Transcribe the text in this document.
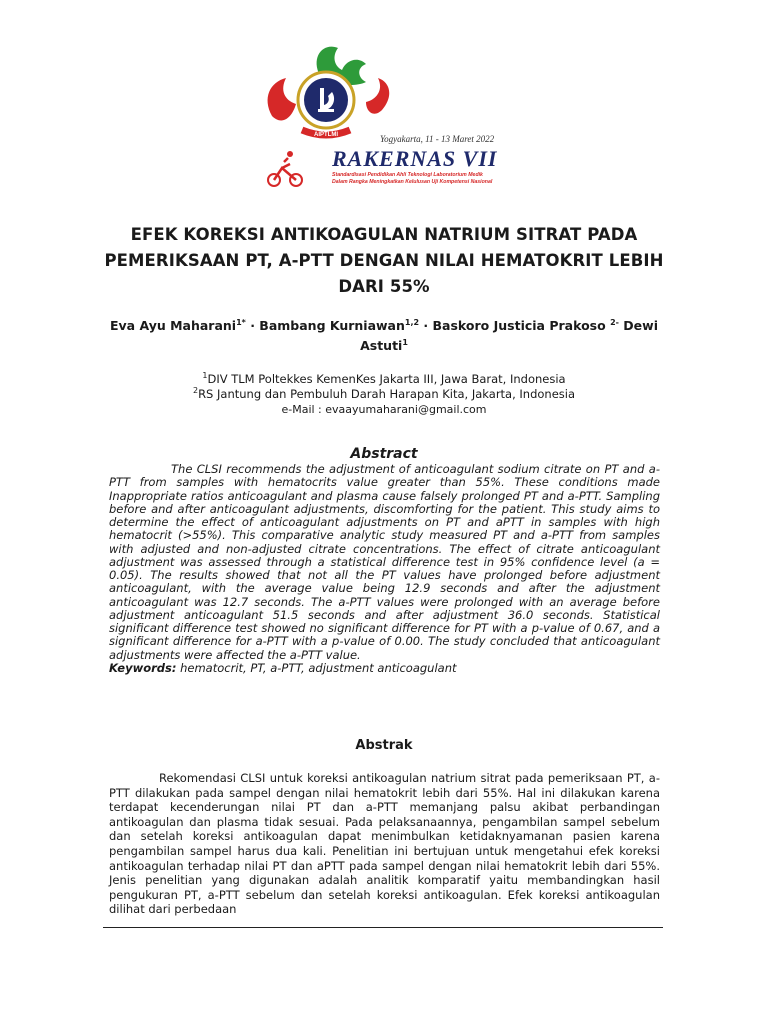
AIPTLMI	Yogyakarta, 11 - 13 Maret 2022
RAKERNAS VII
Standardisasi Pendidikan Ahli Teknologi Laboratorium Medik
Dalam Rangka Meningkatkan Kelulusan Uji Kompetensi Nasional
EFEK KOREKSI ANTIKOAGULAN NATRIUM SITRAT PADA PEMERIKSAAN PT, A-PTT DENGAN NILAI HEMATOKRIT LEBIH DARI 55%
Eva Ayu Maharani$^{1*}$ · Bambang Kurniawan$^{1,2}$ · Baskoro Justicia Prakoso $^{2-}$ Dewi Astuti$^1$
$^1$DIV TLM Poltekkes KemenKes Jakarta III, Jawa Barat, Indonesia
$^2$RS Jantung dan Pembuluh Darah Harapan Kita, Jakarta, Indonesia
e-Mail : evaayumaharani@gmail.com
Abstract

The CLSI recommends the adjustment of anticoagulant sodium citrate on PT and a-PTT from samples with hematocrits value greater than 55%. These conditions made Inappropriate ratios anticoagulant and plasma cause falsely prolonged PT and a-PTT. Sampling before and after anticoagulant adjustments, discomforting for the patient. This study aims to determine the effect of anticoagulant adjustments on PT and aPTT in samples with high hematocrit (>55%). This comparative analytic study measured PT and a-PTT from samples with adjusted and non-adjusted citrate concentrations. The effect of citrate anticoagulant adjustment was assessed through a statistical difference test in 95% confidence level (a = 0.05). The results showed that not all the PT values have prolonged before adjustment anticoagulant, with the average value being 12.9 seconds and after the adjustment anticoagulant was 12.7 seconds. The a-PTT values were prolonged with an average before adjustment anticoagulant 51.5 seconds and after adjustment 36.0 seconds. Statistical significant difference test showed no significant difference for PT with a p-value of 0.67, and a significant difference for a-PTT with a p-value of 0.00. The study concluded that anticoagulant adjustments were affected the a-PTT value.

Keywords: hematocrit, PT, a-PTT, adjustment anticoagulant
Abstrak

Rekomendasi CLSI untuk koreksi antikoagulan natrium sitrat pada pemeriksaan PT, a-PTT dilakukan pada sampel dengan nilai hematokrit lebih dari 55%. Hal ini dilakukan karena terdapat kecenderungan nilai PT dan a-PTT memanjang palsu akibat perbandingan antikoagulan dan plasma tidak sesuai. Pada pelaksanaannya, pengambilan sampel sebelum dan setelah koreksi antikoagulan dapat menimbulkan ketidaknyamanan pasien karena pengambilan sampel harus dua kali. Penelitian ini bertujuan untuk mengetahui efek koreksi antikoagulan terhadap nilai PT dan aPTT pada sampel dengan nilai hematokrit lebih dari 55%. Jenis penelitian yang digunakan adalah analitik komparatif yaitu membandingkan hasil pengukuran PT, a-PTT sebelum dan setelah koreksi antikoagulan. Efek koreksi antikoagulan dilihat dari perbedaan
